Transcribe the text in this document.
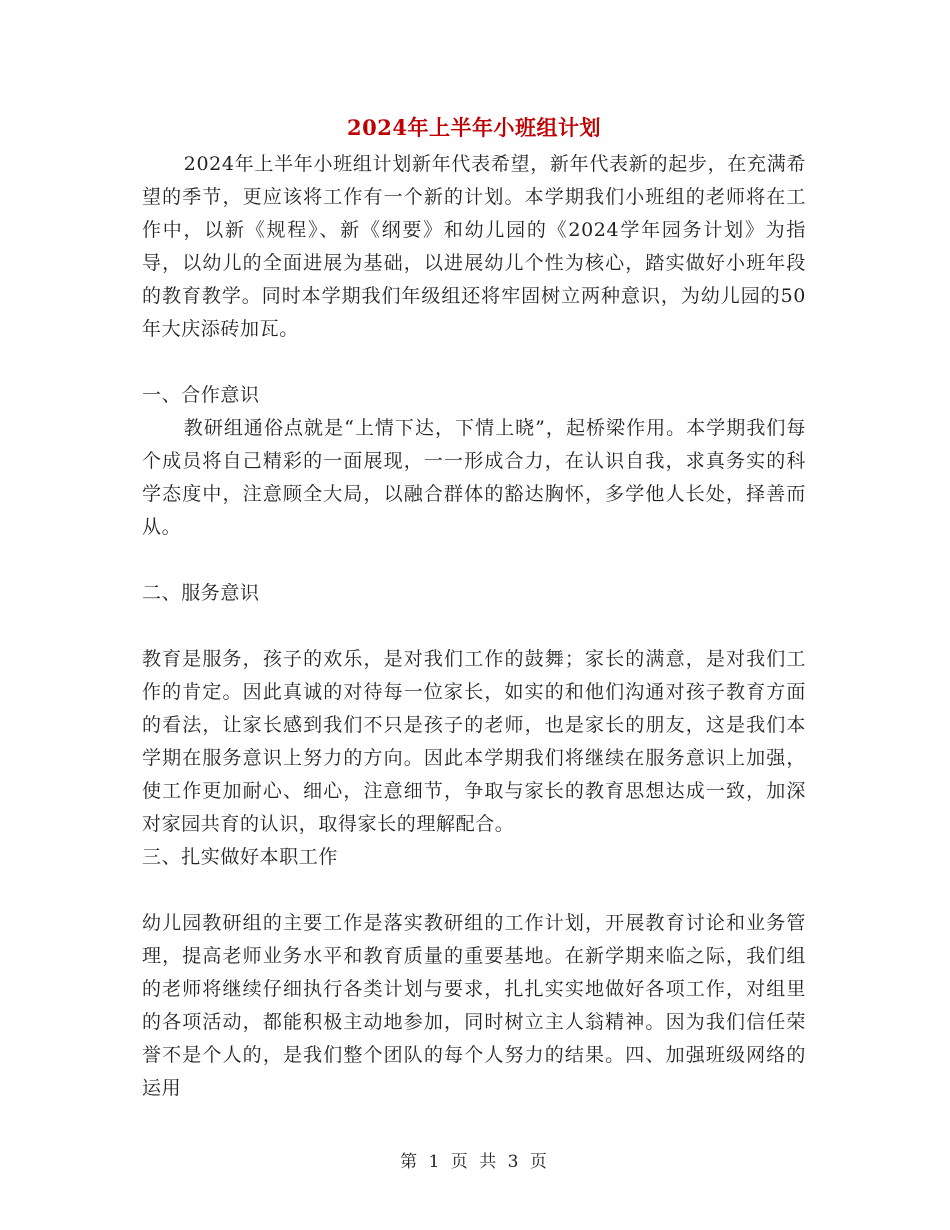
2024年上半年小班组计划

2024年上半年小班组计划新年代表希望，新年代表新的起步，在充满希望的季节，更应该将工作有一个新的计划。本学期我们小班组的老师将在工作中，以新《规程》、新《纲要》和幼儿园的《2024学年园务计划》为指导，以幼儿的全面进展为基础，以进展幼儿个性为核心，踏实做好小班年段的教育教学。同时本学期我们年级组还将牢固树立两种意识，为幼儿园的50年大庆添砖加瓦。

一、合作意识

教研组通俗点就是“上情下达，下情上晓”，起桥梁作用。本学期我们每个成员将自己精彩的一面展现，一一形成合力，在认识自我，求真务实的科学态度中，注意顾全大局，以融合群体的豁达胸怀，多学他人长处，择善而从。

二、服务意识

教育是服务，孩子的欢乐，是对我们工作的鼓舞；家长的满意，是对我们工作的肯定。因此真诚的对待每一位家长，如实的和他们沟通对孩子教育方面的看法，让家长感到我们不只是孩子的老师，也是家长的朋友，这是我们本学期在服务意识上努力的方向。因此本学期我们将继续在服务意识上加强，使工作更加耐心、细心，注意细节，争取与家长的教育思想达成一致，加深对家园共育的认识，取得家长的理解配合。

三、扎实做好本职工作

幼儿园教研组的主要工作是落实教研组的工作计划，开展教育讨论和业务管理，提高老师业务水平和教育质量的重要基地。在新学期来临之际，我们组的老师将继续仔细执行各类计划与要求，扎扎实实地做好各项工作，对组里的各项活动，都能积极主动地参加，同时树立主人翁精神。因为我们信任荣誉不是个人的，是我们整个团队的每个人努力的结果。四、加强班级网络的运用

第 1 页 共 3 页
